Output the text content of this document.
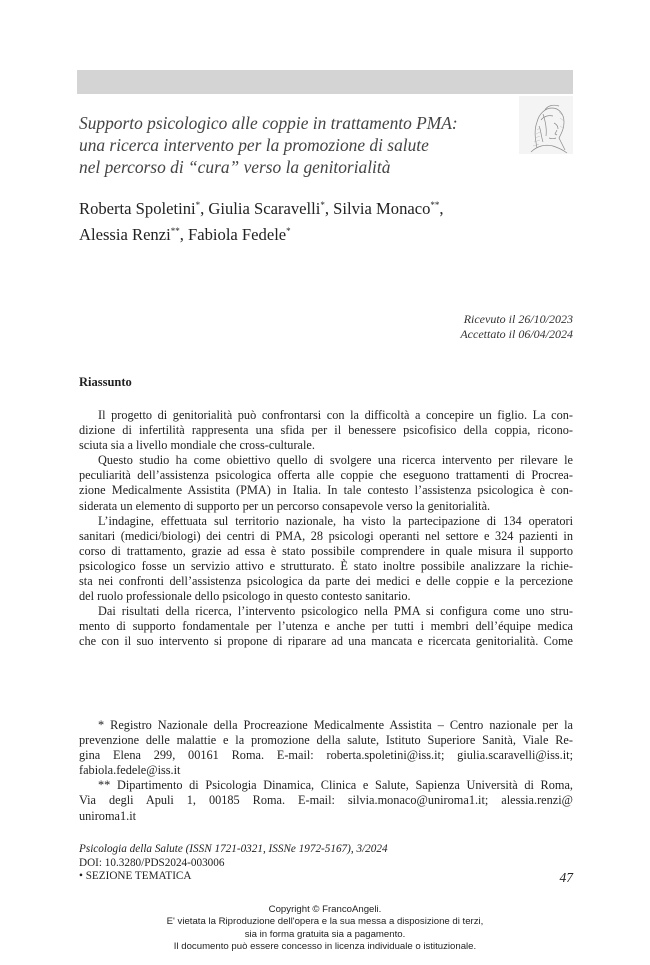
Supporto psicologico alle coppie in trattamento PMA:
una ricerca intervento per la promozione di salute
nel percorso di “cura” verso la genitorialità
Roberta Spoletini*, Giulia Scaravelli*, Silvia Monaco**,
Alessia Renzi**, Fabiola Fedele*
Ricevuto il 26/10/2023
Accettato il 06/04/2024
Riassunto
Il progetto di genitorialità può confrontarsi con la difficoltà a concepire un figlio. La con-
dizione di infertilità rappresenta una sfida per il benessere psicofisico della coppia, ricono-
sciuta sia a livello mondiale che cross-culturale.
Questo studio ha come obiettivo quello di svolgere una ricerca intervento per rilevare le
peculiarità dell’assistenza psicologica offerta alle coppie che eseguono trattamenti di Procrea-
zione Medicalmente Assistita (PMA) in Italia. In tale contesto l’assistenza psicologica è con-
siderata un elemento di supporto per un percorso consapevole verso la genitorialità.
L’indagine, effettuata sul territorio nazionale, ha visto la partecipazione di 134 operatori
sanitari (medici/biologi) dei centri di PMA, 28 psicologi operanti nel settore e 324 pazienti in
corso di trattamento, grazie ad essa è stato possibile comprendere in quale misura il supporto
psicologico fosse un servizio attivo e strutturato. È stato inoltre possibile analizzare la richie-
sta nei confronti dell’assistenza psicologica da parte dei medici e delle coppie e la percezione
del ruolo professionale dello psicologo in questo contesto sanitario.
Dai risultati della ricerca, l’intervento psicologico nella PMA si configura come uno stru-
mento di supporto fondamentale per l’utenza e anche per tutti i membri dell’équipe medica
che con il suo intervento si propone di riparare ad una mancata e ricercata genitorialità. Come
* Registro Nazionale della Procreazione Medicalmente Assistita – Centro nazionale per la
prevenzione delle malattie e la promozione della salute, Istituto Superiore Sanità, Viale Re-
gina Elena 299, 00161 Roma. E-mail: roberta.spoletini@iss.it; giulia.scaravelli@iss.it;
fabiola.fedele@iss.it
** Dipartimento di Psicologia Dinamica, Clinica e Salute, Sapienza Università di Roma,
Via degli Apuli 1, 00185 Roma. E-mail: silvia.monaco@uniroma1.it; alessia.renzi@
uniroma1.it
Psicologia della Salute (ISSN 1721-0321, ISSNe 1972-5167), 3/2024
DOI: 10.3280/PDS2024-003006
• SEZIONE TEMATICA	47
Copyright © FrancoAngeli.
E' vietata la Riproduzione dell'opera e la sua messa a disposizione di terzi,
sia in forma gratuita sia a pagamento.
Il documento può essere concesso in licenza individuale o istituzionale.
